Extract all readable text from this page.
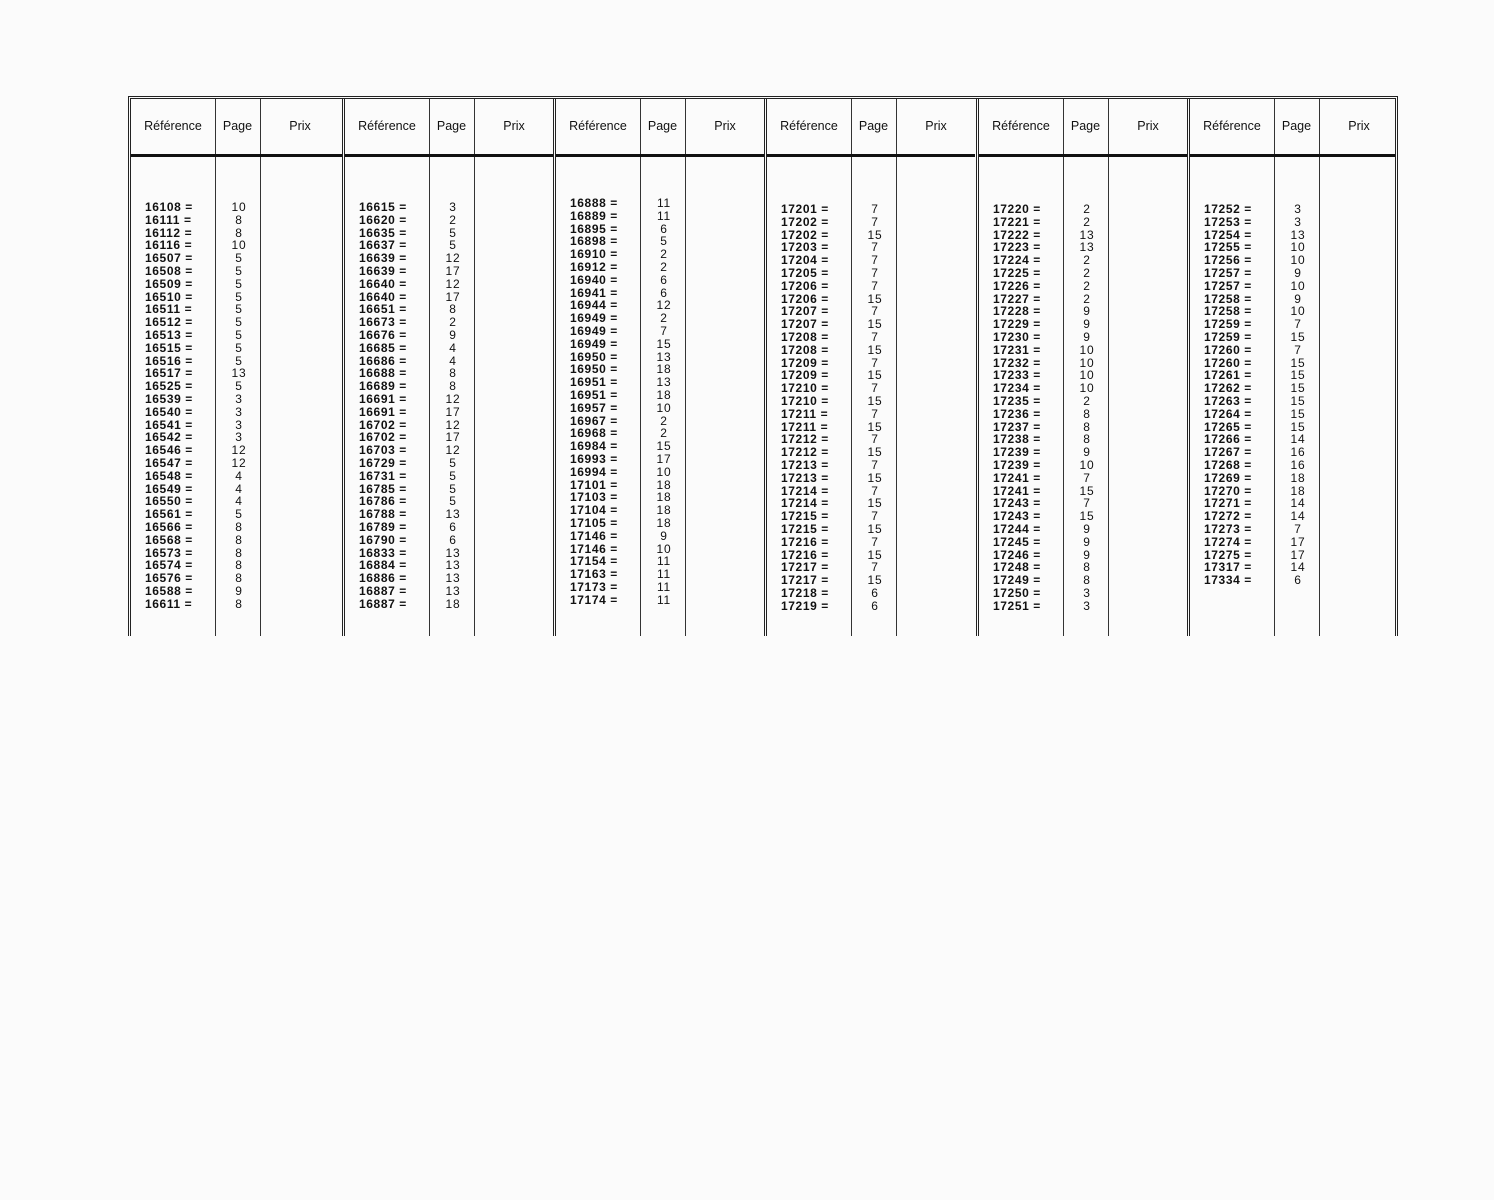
Référence	Page	Prix
16108 =	10
16111 =	8
16112 =	8
16116 =	10
16507 =	5
16508 =	5
16509 =	5
16510 =	5
16511 =	5
16512 =	5
16513 =	5
16515 =	5
16516 =	5
16517 =	13
16525 =	5
16539 =	3
16540 =	3
16541 =	3
16542 =	3
16546 =	12
16547 =	12
16548 =	4
16549 =	4
16550 =	4
16561 =	5
16566 =	8
16568 =	8
16573 =	8
16574 =	8
16576 =	8
16588 =	9
16611 =	8
Référence	Page	Prix
16615 =	3
16620 =	2
16635 =	5
16637 =	5
16639 =	12
16639 =	17
16640 =	12
16640 =	17
16651 =	8
16673 =	2
16676 =	9
16685 =	4
16686 =	4
16688 =	8
16689 =	8
16691 =	12
16691 =	17
16702 =	12
16702 =	17
16703 =	12
16729 =	5
16731 =	5
16785 =	5
16786 =	5
16788 =	13
16789 =	6
16790 =	6
16833 =	13
16884 =	13
16886 =	13
16887 =	13
16887 =	18
Référence	Page	Prix
16888 =	11
16889 =	11
16895 =	6
16898 =	5
16910 =	2
16912 =	2
16940 =	6
16941 =	6
16944 =	12
16949 =	2
16949 =	7
16949 =	15
16950 =	13
16950 =	18
16951 =	13
16951 =	18
16957 =	10
16967 =	2
16968 =	2
16984 =	15
16993 =	17
16994 =	10
17101 =	18
17103 =	18
17104 =	18
17105 =	18
17146 =	9
17146 =	10
17154 =	11
17163 =	11
17173 =	11
17174 =	11
Référence	Page	Prix
17201 =	7
17202 =	7
17202 =	15
17203 =	7
17204 =	7
17205 =	7
17206 =	7
17206 =	15
17207 =	7
17207 =	15
17208 =	7
17208 =	15
17209 =	7
17209 =	15
17210 =	7
17210 =	15
17211 =	7
17211 =	15
17212 =	7
17212 =	15
17213 =	7
17213 =	15
17214 =	7
17214 =	15
17215 =	7
17215 =	15
17216 =	7
17216 =	15
17217 =	7
17217 =	15
17218 =	6
17219 =	6
Référence	Page	Prix
17220 =	2
17221 =	2
17222 =	13
17223 =	13
17224 =	2
17225 =	2
17226 =	2
17227 =	2
17228 =	9
17229 =	9
17230 =	9
17231 =	10
17232 =	10
17233 =	10
17234 =	10
17235 =	2
17236 =	8
17237 =	8
17238 =	8
17239 =	9
17239 =	10
17241 =	7
17241 =	15
17243 =	7
17243 =	15
17244 =	9
17245 =	9
17246 =	9
17248 =	8
17249 =	8
17250 =	3
17251 =	3
Référence	Page	Prix
17252 =	3
17253 =	3
17254 =	13
17255 =	10
17256 =	10
17257 =	9
17257 =	10
17258 =	9
17258 =	10
17259 =	7
17259 =	15
17260 =	7
17260 =	15
17261 =	15
17262 =	15
17263 =	15
17264 =	15
17265 =	15
17266 =	14
17267 =	16
17268 =	16
17269 =	18
17270 =	18
17271 =	14
17272 =	14
17273 =	7
17274 =	17
17275 =	17
17317 =	14
17334 =	6
